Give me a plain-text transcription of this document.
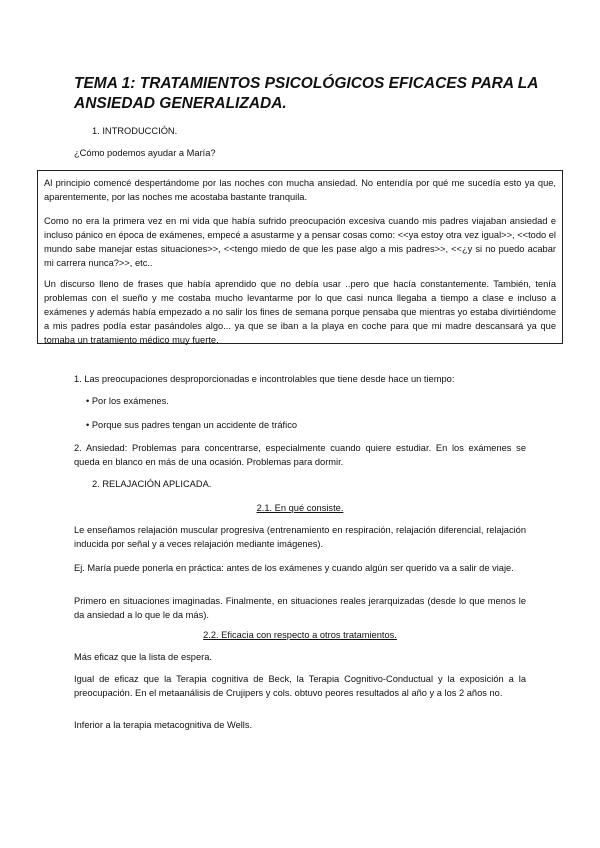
TEMA 1: TRATAMIENTOS PSICOLÓGICOS EFICACES PARA LA ANSIEDAD GENERALIZADA.

1. INTRODUCCIÓN.

¿Cómo podemos ayudar a María?

Al principio comencé despertándome por las noches con mucha ansiedad. No entendía por qué me sucedía esto ya que, aparentemente, por las noches me acostaba bastante tranquila.

Como no era la primera vez en mi vida que había sufrido preocupación excesiva cuando mis padres viajaban ansiedad e incluso pánico en época de exámenes, empecé a asustarme y a pensar cosas como: <<ya estoy otra vez igual>>, <<todo el mundo sabe manejar estas situaciones>>, <<tengo miedo de que les pase algo a mis padres>>, <<¿y si no puedo acabar mi carrera nunca?>>, etc..

Un discurso lleno de frases que había aprendido que no debía usar ..pero que hacía constantemente. También, tenía problemas con el sueño y me costaba mucho levantarme por lo que casi nunca llegaba a tiempo a clase e incluso a exámenes y además había empezado a no salir los fines de semana porque pensaba que mientras yo estaba divirtiéndome a mis padres podía estar pasándoles algo... ya que se iban a la playa en coche para que mi madre descansará ya que tomaba un tratamiento médico muy fuerte.

1. Las preocupaciones desproporcionadas e incontrolables que tiene desde hace un tiempo:

• Por los exámenes.

• Porque sus padres tengan un accidente de tráfico

2. Ansiedad: Problemas para concentrarse, especialmente cuando quiere estudiar. En los exámenes se queda en blanco en más de una ocasión. Problemas para dormir.

2. RELAJACIÓN APLICADA.

2.1. En qué consiste.

Le enseñamos relajación muscular progresiva (entrenamiento en respiración, relajación diferencial, relajación inducida por señal y a veces relajación mediante imágenes).

Ej. María puede ponerla en práctica: antes de los exámenes y cuando algún ser querido va a salir de viaje.

Primero en situaciones imaginadas. Finalmente, en situaciones reales jerarquizadas (desde lo que menos le da ansiedad a lo que le da más).

2.2. Eficacia con respecto a otros tratamientos.

Más eficaz que la lista de espera.

Igual de eficaz que la Terapia cognitiva de Beck, la Terapia Cognitivo-Conductual y la exposición a la preocupación. En el metaanálisis de Crujipers y cols. obtuvo peores resultados al año y a los 2 años no.

Inferior a la terapia metacognitiva de Wells.
